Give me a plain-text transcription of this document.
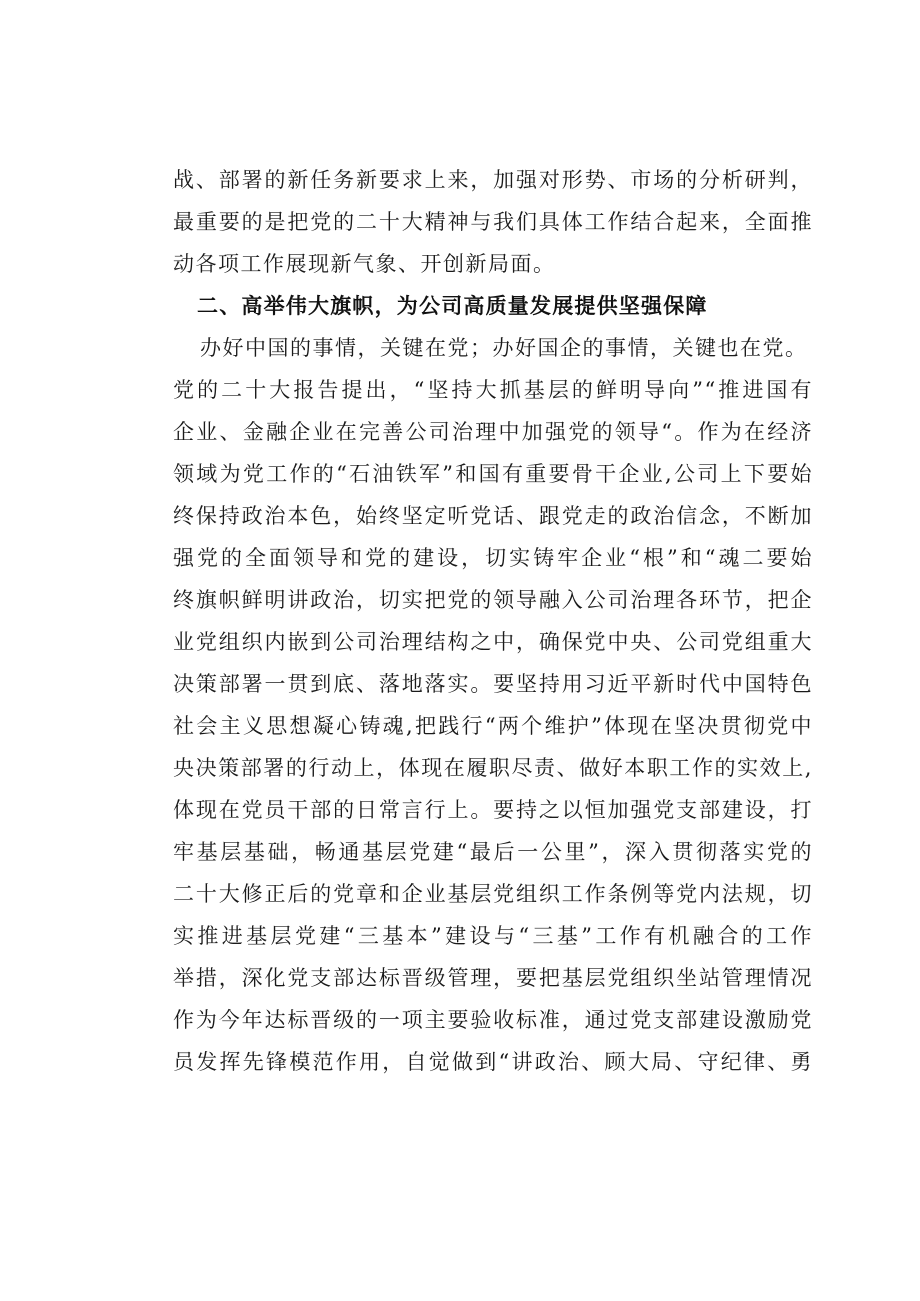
战、部署的新任务新要求上来，加强对形势、市场的分析研判，
最重要的是把党的二十大精神与我们具体工作结合起来，全面推
动各项工作展现新气象、开创新局面。
二、高举伟大旗帜，为公司高质量发展提供坚强保障
办好中国的事情，关键在党；办好国企的事情，关键也在党。
党的二十大报告提出，“坚持大抓基层的鲜明导向”“推进国有
企业、金融企业在完善公司治理中加强党的领导“。作为在经济
领域为党工作的“石油铁军”和国有重要骨干企业,公司上下要始
终保持政治本色，始终坚定听党话、跟党走的政治信念，不断加
强党的全面领导和党的建设，切实铸牢企业“根”和“魂二要始
终旗帜鲜明讲政治，切实把党的领导融入公司治理各环节，把企
业党组织内嵌到公司治理结构之中，确保党中央、公司党组重大
决策部署一贯到底、落地落实。要坚持用习近平新时代中国特色
社会主义思想凝心铸魂,把践行“两个维护”体现在坚决贯彻党中
央决策部署的行动上，体现在履职尽责、做好本职工作的实效上,
体现在党员干部的日常言行上。要持之以恒加强党支部建设，打
牢基层基础，畅通基层党建“最后一公里”，深入贯彻落实党的
二十大修正后的党章和企业基层党组织工作条例等党内法规，切
实推进基层党建“三基本”建设与“三基”工作有机融合的工作
举措，深化党支部达标晋级管理，要把基层党组织坐站管理情况
作为今年达标晋级的一项主要验收标准，通过党支部建设激励党
员发挥先锋模范作用，自觉做到“讲政治、顾大局、守纪律、勇
